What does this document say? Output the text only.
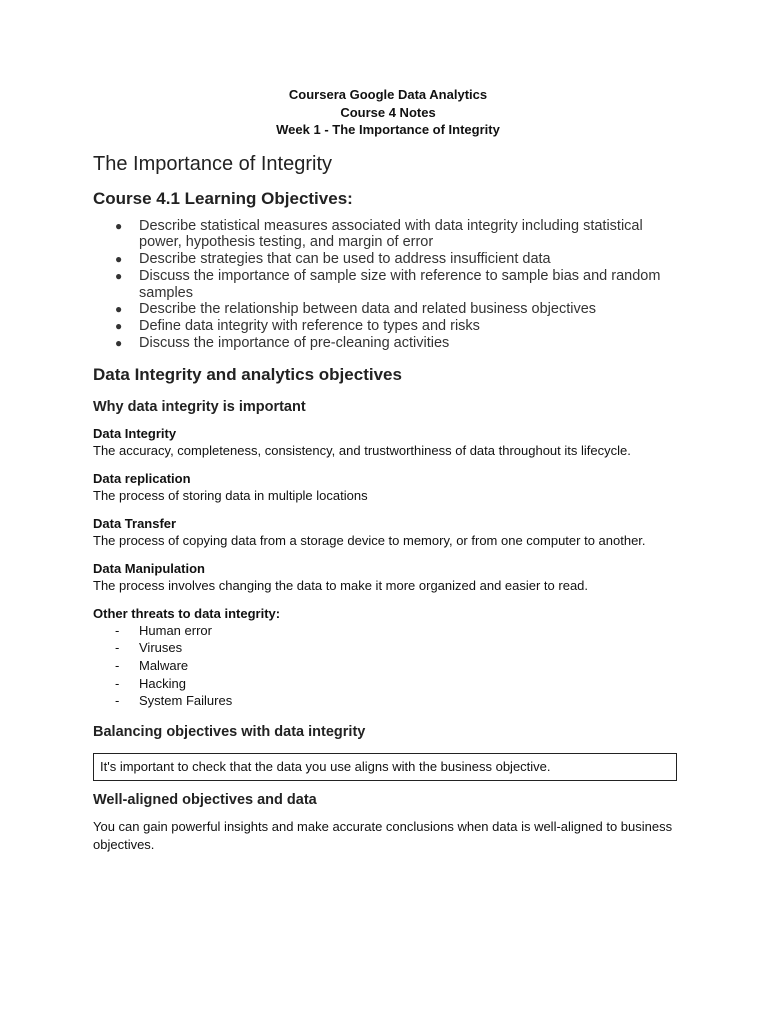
Coursera Google Data Analytics
Course 4 Notes
Week 1 - The Importance of Integrity
The Importance of Integrity
Course 4.1 Learning Objectives:
● Describe statistical measures associated with data integrity including statistical power, hypothesis testing, and margin of error
● Describe strategies that can be used to address insufficient data
● Discuss the importance of sample size with reference to sample bias and random samples
● Describe the relationship between data and related business objectives
● Define data integrity with reference to types and risks
● Discuss the importance of pre-cleaning activities
Data Integrity and analytics objectives
Why data integrity is important
Data Integrity
The accuracy, completeness, consistency, and trustworthiness of data throughout its lifecycle.
Data replication
The process of storing data in multiple locations
Data Transfer
The process of copying data from a storage device to memory, or from one computer to another.
Data Manipulation
The process involves changing the data to make it more organized and easier to read.
Other threats to data integrity:
- Human error
- Viruses
- Malware
- Hacking
- System Failures
Balancing objectives with data integrity
It's important to check that the data you use aligns with the business objective.
Well-aligned objectives and data
You can gain powerful insights and make accurate conclusions when data is well-aligned to business objectives.
